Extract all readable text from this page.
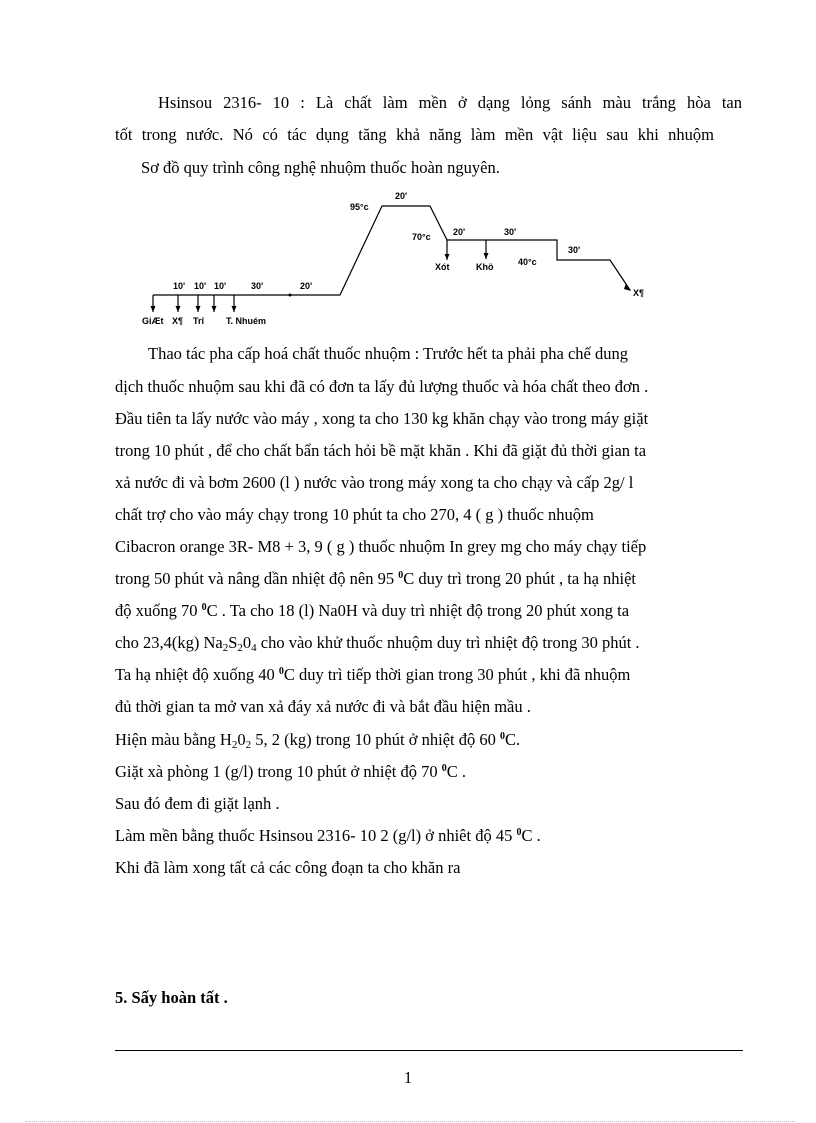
Hsinsou 2316- 10 : Là chất làm mền ở dạng lỏng sánh màu trắng hòa tan
tốt trong nước. Nó có tác dụng tăng khả năng làm mền vật liệu sau khi nhuộm
Sơ đồ quy trình công nghệ nhuộm thuốc hoàn nguyên.
95°c
20'
70°c 20'	30'
40°c
30'
Xót	Khö
X¶
10' 10' 10'	30'	20'
GiÆt X¶ Trî T. Nhuém
Thao tác pha cấp hoá chất thuốc nhuộm : Trước hết ta phải pha chế dung
dịch thuốc nhuộm sau khi đã có đơn ta lấy đủ lượng thuốc và hóa chất theo đơn .
Đầu tiên ta lấy nước vào máy , xong ta cho 130 kg khăn chạy vào trong máy giặt
trong 10 phút , để cho chất bẩn tách hỏi bề mặt khăn . Khi đã giặt đủ thời gian ta
xả nước đi và bơm 2600 (l ) nước vào trong máy xong ta cho chạy và cấp 2g/ l
chất trợ cho vào máy chạy trong 10 phút ta cho 270, 4 ( g ) thuốc nhuộm
Cibacron orange 3R- M8 + 3, 9 ( g ) thuốc nhuộm In grey mg cho máy chạy tiếp
trong 50 phút và nâng dần nhiệt độ nên 95 $^0$C duy trì trong 20 phút , ta hạ nhiệt
độ xuống 70 $^0$C . Ta cho 18 (l) Na0H và duy trì nhiệt độ trong 20 phút xong ta
cho 23,4(kg) $Na_2S_20_4$ cho vào khử thuốc nhuộm duy trì nhiệt độ trong 30 phút .
Ta hạ nhiệt độ xuống 40 $^0$C duy trì tiếp thời gian trong 30 phút , khi đã nhuộm
đủ thời gian ta mở van xả đáy xả nước đi và bắt đầu hiện mầu .
Hiện màu bằng $H_20_2$ 5, 2 (kg) trong 10 phút ở nhiệt độ 60 $^0$C.
Giặt xà phòng 1 (g/l) trong 10 phút ở nhiệt độ 70 $^0$C .
Sau đó đem đi giặt lạnh .
Làm mền bằng thuốc Hsinsou 2316- 10 2 (g/l) ở nhiêt độ 45 $^0$C .
Khi đã làm xong tất cả các công đoạn ta cho khăn ra
5. Sấy hoàn tất .
1
